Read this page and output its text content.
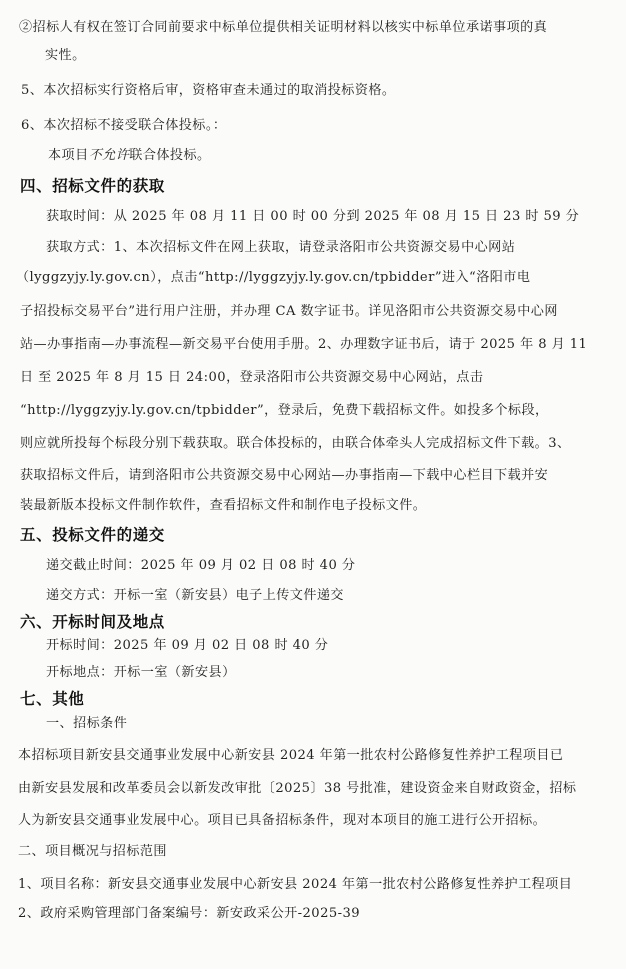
②招标人有权在签订合同前要求中标单位提供相关证明材料以核实中标单位承诺事项的真
实性。
5、本次招标实行资格后审，资格审查未通过的取消投标资格。
6、本次招标不接受联合体投标。：
本项目不允许联合体投标。
四、招标文件的获取
获取时间：从 2025 年 08 月 11 日 00 时 00 分到 2025 年 08 月 15 日 23 时 59 分
获取方式：1、本次招标文件在网上获取，请登录洛阳市公共资源交易中心网站
（lyggzyjy.ly.gov.cn），点击“http://lyggzyjy.ly.gov.cn/tpbidder”进入“洛阳市电
子招投标交易平台”进行用户注册，并办理 CA 数字证书。详见洛阳市公共资源交易中心网
站—办事指南—办事流程—新交易平台使用手册。2、办理数字证书后，请于 2025 年 8 月 11
日 至 2025 年 8 月 15 日 24:00，登录洛阳市公共资源交易中心网站，点击
“http://lyggzyjy.ly.gov.cn/tpbidder”，登录后，免费下载招标文件。如投多个标段，
则应就所投每个标段分别下载获取。联合体投标的，由联合体牵头人完成招标文件下载。3、
获取招标文件后，请到洛阳市公共资源交易中心网站—办事指南—下载中心栏目下载并安
装最新版本投标文件制作软件，查看招标文件和制作电子投标文件。
五、投标文件的递交
递交截止时间：2025 年 09 月 02 日 08 时 40 分
递交方式：开标一室（新安县）电子上传文件递交
六、开标时间及地点
开标时间：2025 年 09 月 02 日 08 时 40 分
开标地点：开标一室（新安县）
七、其他
一、招标条件
本招标项目新安县交通事业发展中心新安县 2024 年第一批农村公路修复性养护工程项目已
由新安县发展和改革委员会以新发改审批〔2025〕38 号批准，建设资金来自财政资金，招标
人为新安县交通事业发展中心。项目已具备招标条件，现对本项目的施工进行公开招标。
二、项目概况与招标范围
1、项目名称：新安县交通事业发展中心新安县 2024 年第一批农村公路修复性养护工程项目
2、政府采购管理部门备案编号：新安政采公开-2025-39
